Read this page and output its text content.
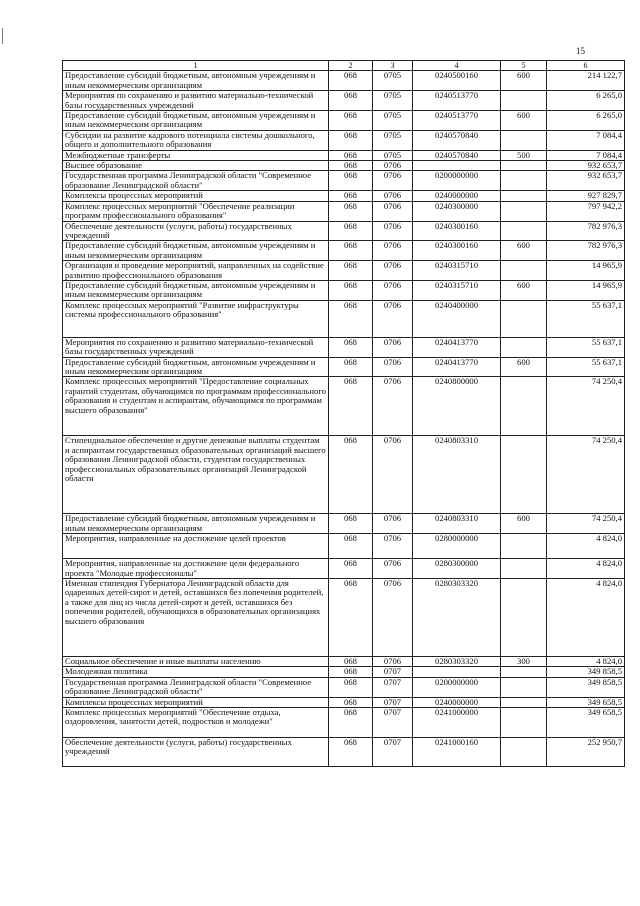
15
1	2	3	4	5	6
Предоставление субсидий бюджетным, автономным учреждениям и иным некоммерческим организациям	068	0705	0240500160	600	214 122,7
Мероприятия по сохранению и развитию материально-технической базы государственных учреждений	068	0705	0240513770		6 265,0
Предоставление субсидий бюджетным, автономным учреждениям и иным некоммерческим организациям	068	0705	0240513770	600	6 265,0
Субсидии на развитие кадрового потенциала системы дошкольного, общего и дополнительного образования	068	0705	0240570840		7 084,4
Межбюджетные трансферты	068	0705	0240570840	500	7 084,4
Высшее образование	068	0706			932 653,7
Государственная программа Ленинградской области "Современное образование Ленинградской области"	068	0706	0200000000		932 653,7
Комплексы процессных мероприятий	068	0706	0240000000		927 829,7
Комплекс процессных мероприятий "Обеспечение реализации программ профессионального образования"	068	0706	0240300000		797 942,2
Обеспечение деятельности (услуги, работы) государственных учреждений	068	0706	0240300160		782 976,3
Предоставление субсидий бюджетным, автономным учреждениям и иным некоммерческим организациям	068	0706	0240300160	600	782 976,3
Организация и проведение мероприятий, направленных на содействие развитию профессионального образования	068	0706	0240315710		14 965,9
Предоставление субсидий бюджетным, автономным учреждениям и иным некоммерческим организациям	068	0706	0240315710	600	14 965,9
Комплекс процессных мероприятий "Развитие инфраструктуры системы профессионального образования"	068	0706	0240400000		55 637,1
Мероприятия по сохранению и развитию материально-технической базы государственных учреждений	068	0706	0240413770		55 637,1
Предоставление субсидий бюджетным, автономным учреждениям и иным некоммерческим организациям	068	0706	0240413770	600	55 637,1
Комплекс процессных мероприятий "Предоставление социальных гарантий студентам, обучающимся по программам профессионального образования и студентам и аспирантам, обучающимся по программам высшего образования"	068	0706	0240800000		74 250,4
Стипендиальное обеспечение и другие денежные выплаты студентам и аспирантам государственных образовательных организаций высшего образования Ленинградской области, студентам государственных профессиональных образовательных организаций Ленинградской области	068	0706	0240803310		74 250,4
Предоставление субсидий бюджетным, автономным учреждениям и иным некоммерческим организациям	068	0706	0240803310	600	74 250,4
Мероприятия, направленные на достижение целей проектов	068	0706	0280000000		4 824,0
Мероприятия, направленные на достижение цели федерального проекта "Молодые профессионалы"	068	0706	0280300000		4 824,0
Именная стипендия Губернатора Ленинградской области для одаренных детей-сирот и детей, оставшихся без попечения родителей, а также для лиц из числа детей-сирот и детей, оставшихся без попечения родителей, обучающихся в образовательных организациях высшего образования	068	0706	0280303320		4 824,0
Социальное обеспечение и иные выплаты населению	068	0706	0280303320	300	4 824,0
Молодежная политика	068	0707			349 858,5
Государственная программа Ленинградской области "Современное образование Ленинградской области"	068	0707	0200000000		349 858,5
Комплексы процессных мероприятий	068	0707	0240000000		349 658,5
Комплекс процессных мероприятий "Обеспечение отдыха, оздоровления, занятости детей, подростков и молодежи"	068	0707	0241000000		349 658,5
Обеспечение деятельности (услуги, работы) государственных учреждений	068	0707	0241000160		252 950,7
